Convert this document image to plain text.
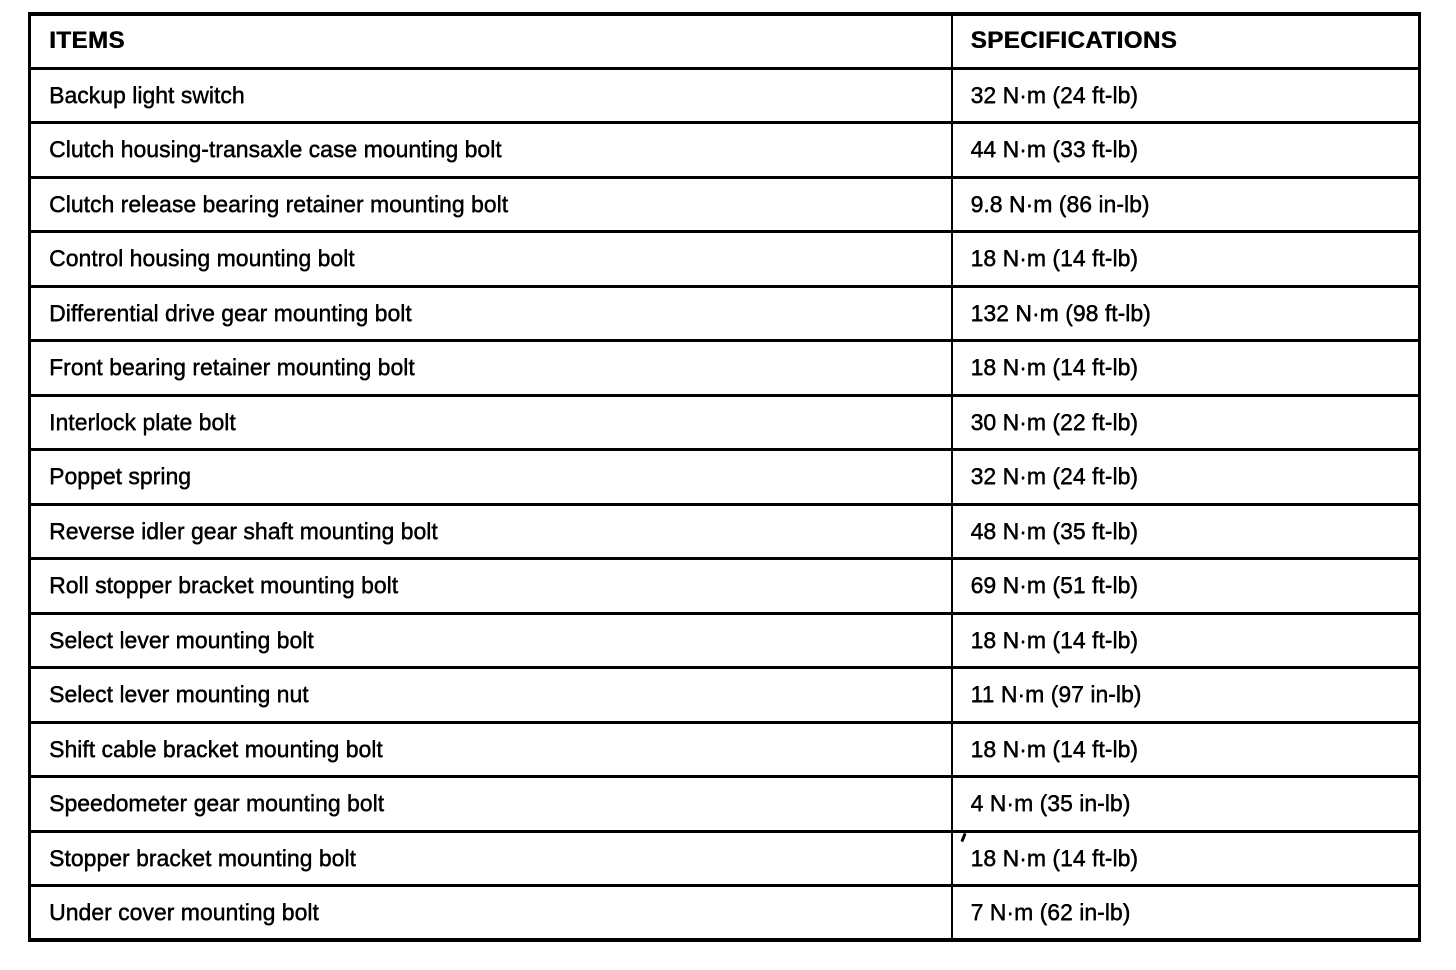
ITEMS	SPECIFICATIONS
Backup light switch	32 N·m (24 ft-lb)
Clutch housing-transaxle case mounting bolt	44 N·m (33 ft-lb)
Clutch release bearing retainer mounting bolt	9.8 N·m (86 in-lb)
Control housing mounting bolt	18 N·m (14 ft-lb)
Differential drive gear mounting bolt	132 N·m (98 ft-lb)
Front bearing retainer mounting bolt	18 N·m (14 ft-lb)
Interlock plate bolt	30 N·m (22 ft-lb)
Poppet spring	32 N·m (24 ft-lb)
Reverse idler gear shaft mounting bolt	48 N·m (35 ft-lb)
Roll stopper bracket mounting bolt	69 N·m (51 ft-lb)
Select lever mounting bolt	18 N·m (14 ft-lb)
Select lever mounting nut	11 N·m (97 in-lb)
Shift cable bracket mounting bolt	18 N·m (14 ft-lb)
Speedometer gear mounting bolt	4 N·m (35 in-lb)
Stopper bracket mounting bolt	18 N·m (14 ft-lb)
Under cover mounting bolt	7 N·m (62 in-lb)
